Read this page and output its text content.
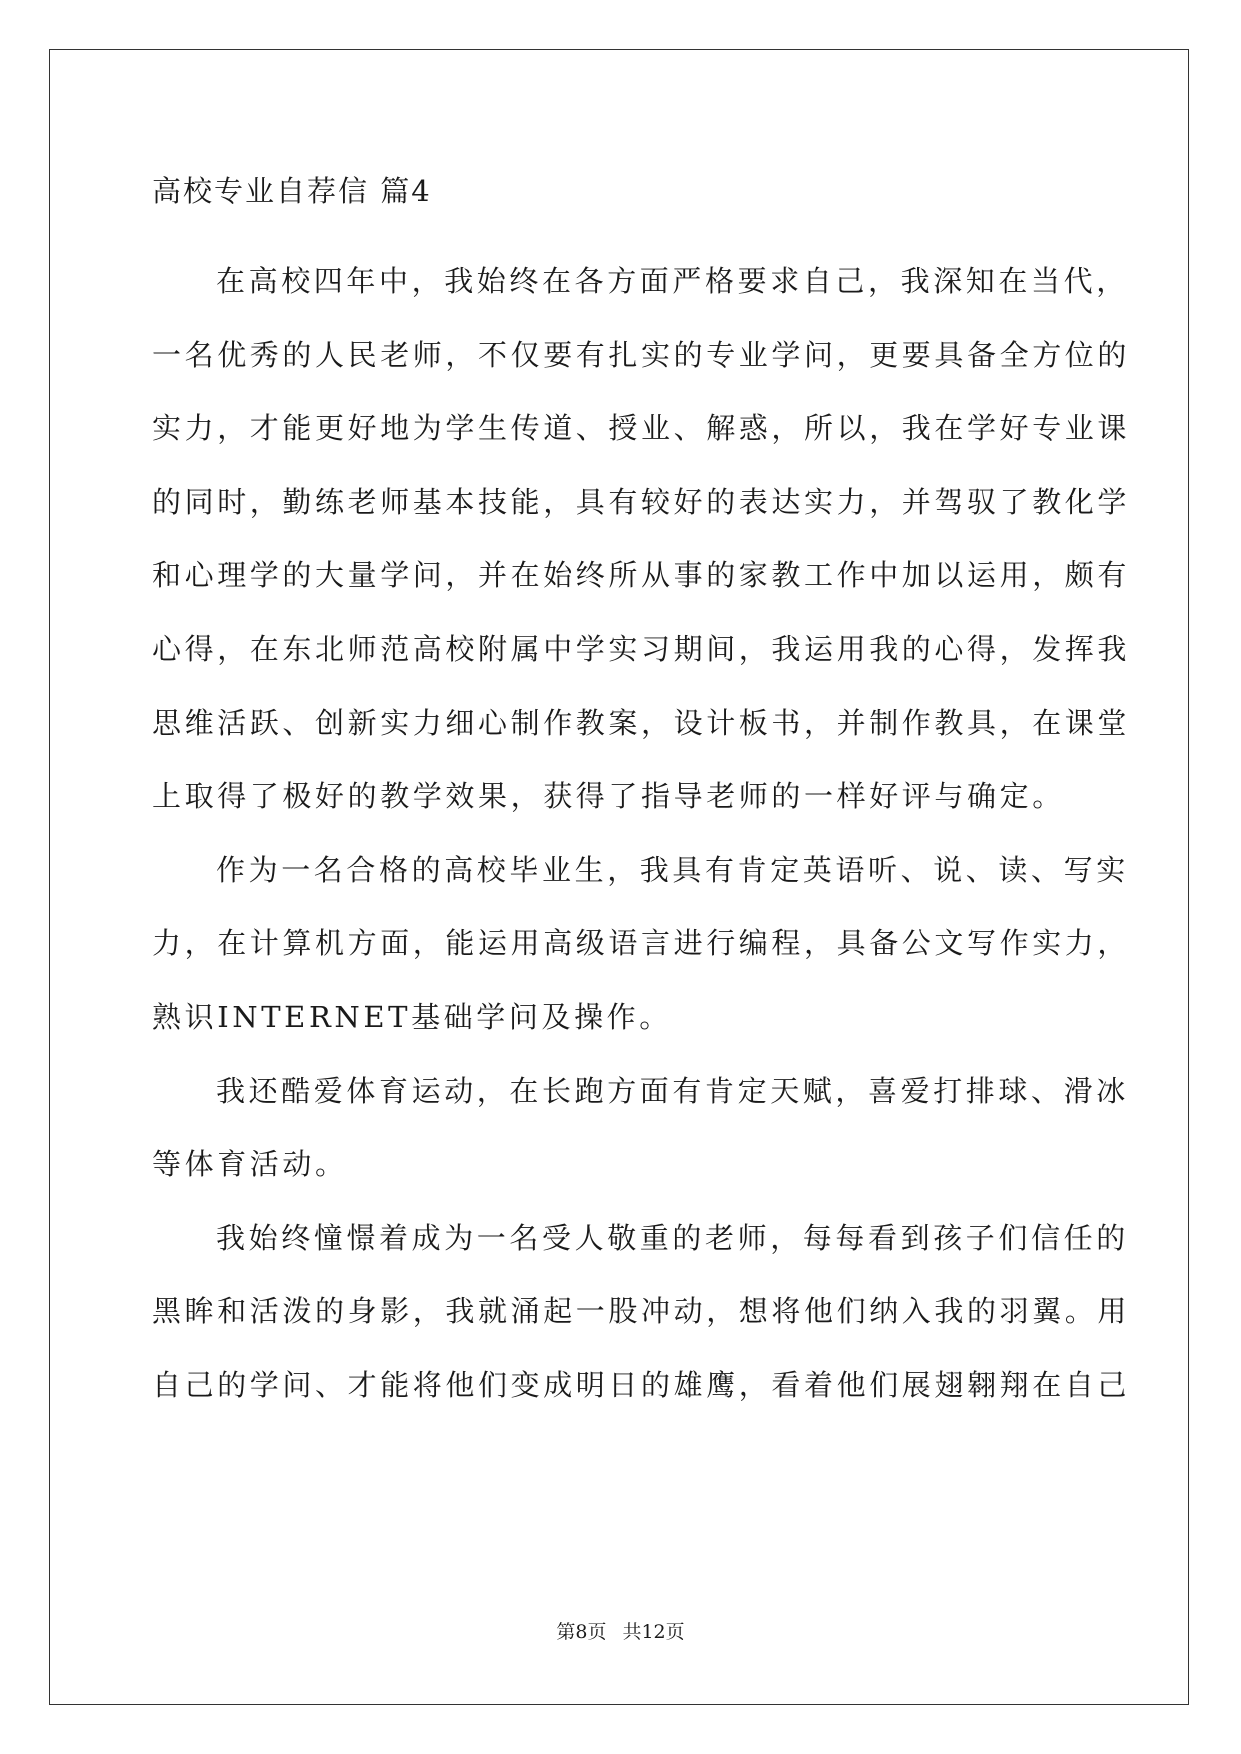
高校专业自荐信 篇4

在高校四年中，我始终在各方面严格要求自己，我深知在当代，
一名优秀的人民老师，不仅要有扎实的专业学问，更要具备全方位的
实力，才能更好地为学生传道、授业、解惑，所以，我在学好专业课
的同时，勤练老师基本技能，具有较好的表达实力，并驾驭了教化学
和心理学的大量学问，并在始终所从事的家教工作中加以运用，颇有
心得，在东北师范高校附属中学实习期间，我运用我的心得，发挥我
思维活跃、创新实力细心制作教案，设计板书，并制作教具，在课堂
上取得了极好的教学效果，获得了指导老师的一样好评与确定。

作为一名合格的高校毕业生，我具有肯定英语听、说、读、写实
力，在计算机方面，能运用高级语言进行编程，具备公文写作实力，
熟识INTERNET基础学问及操作。

我还酷爱体育运动，在长跑方面有肯定天赋，喜爱打排球、滑冰
等体育活动。

我始终憧憬着成为一名受人敬重的老师，每每看到孩子们信任的
黑眸和活泼的身影，我就涌起一股冲动，想将他们纳入我的羽翼。用
自己的学问、才能将他们变成明日的雄鹰，看着他们展翅翱翔在自己

第8页 共12页
